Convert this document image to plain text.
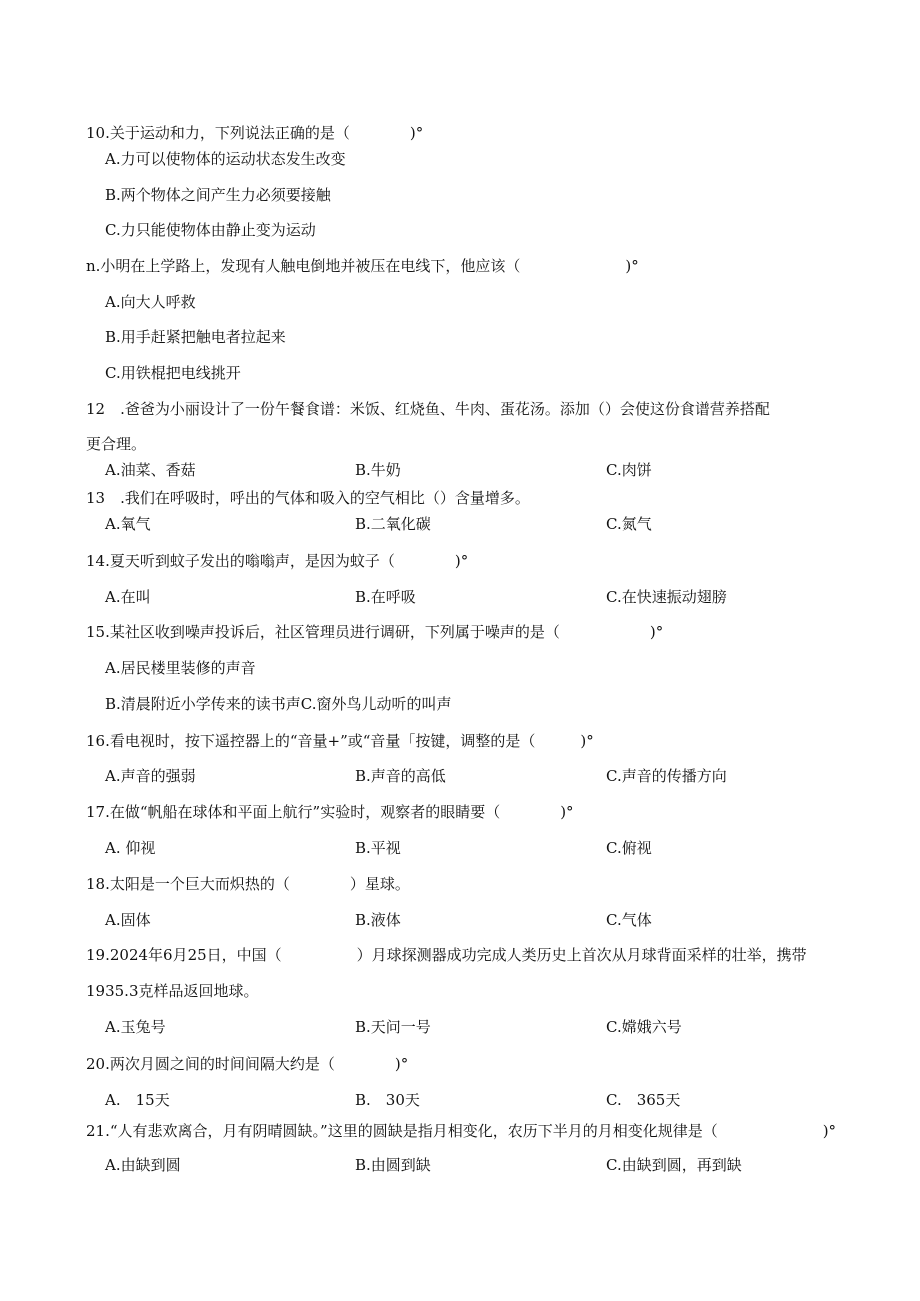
10.关于运动和力，下列说法正确的是（　　　　)°
A.力可以使物体的运动状态发生改变
B.两个物体之间产生力必须要接触
C.力只能使物体由静止变为运动
n.小明在上学路上，发现有人触电倒地并被压在电线下，他应该（　　　　　　　)°
A.向大人呼救
B.用手赶紧把触电者拉起来
C.用铁棍把电线挑开
12　.爸爸为小丽设计了一份午餐食谱：米饭、红烧鱼、牛肉、蛋花汤。添加（）会使这份食谱营养搭配
更合理。
A.油菜、香菇	B.牛奶	C.肉饼
13　.我们在呼吸时，呼出的气体和吸入的空气相比（）含量增多。
A.氧气	B.二氧化碳	C.氮气
14.夏天听到蚊子发出的嗡嗡声，是因为蚊子（　　　　)°
A.在叫	B.在呼吸	C.在快速振动翅膀
15.某社区收到噪声投诉后，社区管理员进行调研，下列属于噪声的是（　　　　　　)°
A.居民楼里装修的声音
B.清晨附近小学传来的读书声C.窗外鸟儿动听的叫声
16.看电视时，按下遥控器上的“音量+”或“音量「按键，调整的是（　　　)°
A.声音的强弱	B.声音的高低	C.声音的传播方向
17.在做“帆船在球体和平面上航行”实验时，观察者的眼睛要（　　　　)°
A. 仰视	B.平视	C.俯视
18.太阳是一个巨大而炽热的（　　　　）星球。
A.固体	B.液体	C.气体
19.2024年6月25日，中国（　　　　　）月球探测器成功完成人类历史上首次从月球背面采样的壮举，携带
1935.3克样品返回地球。
A.玉兔号	B.天问一号	C.嫦娥六号
20.两次月圆之间的时间间隔大约是（　　　　)°
A.　15天	B.　30天	C.　365天
21.“人有悲欢离合，月有阴晴圆缺。”这里的圆缺是指月相变化，农历下半月的月相变化规律是（　　　　　　　)°
A.由缺到圆	B.由圆到缺	C.由缺到圆，再到缺
